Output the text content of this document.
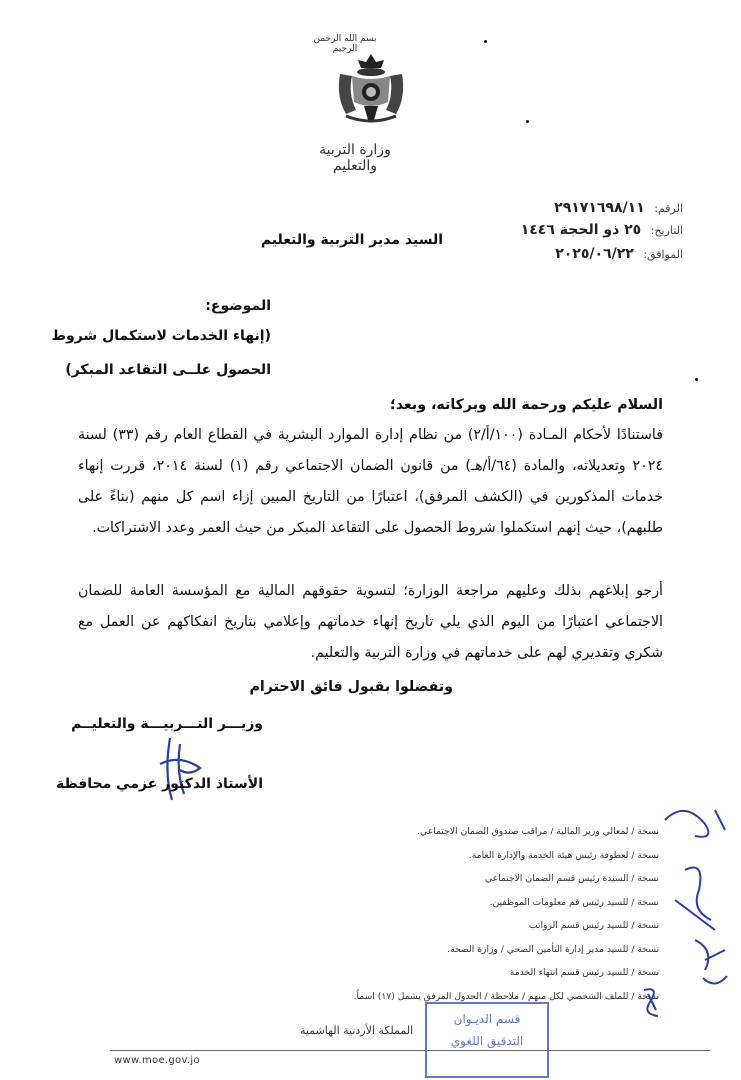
بسم الله الرحمن الرحيم
وزارة التربية والتعليم
الرقم: ٢٩١٧١٦٩٨/١١
التاريخ: ٢٥ ذو الحجة ١٤٤٦
الموافق: ٢٠٢٥/٠٦/٢٢
السيد مدير التربية والتعليم
الموضوع:
(إنهاء الخدمات لاستكمال شروط
الحصول علــى التقاعد المبكر)
السلام عليكم ورحمة الله وبركاته، وبعد؛
فاستنادًا لأحكام المـادة (١٠٠/أ/٢) من نظام إدارة الموارد البشرية في القطاع العام رقم (٣٣) لسنة ٢٠٢٤ وتعديلاته، والمادة (٦٤/أ/هـ) من قانون الضمان الاجتماعي رقم (١) لسنة ٢٠١٤، قررت إنهاء خدمات المذكورين في (الكشف المرفق)، اعتبارًا من التاريخ المبين إزاء اسم كل منهم (بناءً على طلبهم)، حيث إنهم استكملوا شروط الحصول على التقاعد المبكر من حيث العمر وعدد الاشتراكات.
أرجو إبلاغهم بذلك وعليهم مراجعة الوزارة؛ لتسوية حقوقهم المالية مع المؤسسة العامة للضمان الاجتماعي اعتبارًا من اليوم الذي يلي تاريخ إنهاء خدماتهم وإعلامي بتاريخ انفكاكهم عن العمل مع شكري وتقديري لهم على خدماتهم في وزارة التربية والتعليم.
وتفضلوا بقبول فائق الاحترام
وزيـــر التـــربيـــة والتعليــم
الأستاذ الدكتور عزمي محافظة
نسخة / لمعالي وزير المالية / مراقب صندوق الضمان الاجتماعي.
نسخة / لعطوفة رئيس هيئة الخدمة والإدارة العامة.
نسخة / السيدة رئيس قسم الضمان الاجتماعي
نسخة / للسيد رئيس قم معلومات الموظفين.
نسخة / للسيد رئيس قسم الرواتب
نسخة / للسيد مدير إدارة التأمين الصحي / وزارة الصحة.
نسخة / للسيد رئيس قسم انتهاء الخدمة
نسخة / للملف الشخصي لكل منهم / ملاحظة / الجدول المرفق يشمل (١٧) اسماً.
قسم الديـوان
التدقيق اللغوي
المملكة الأردنية الهاشمية
www.moe.gov.jo
